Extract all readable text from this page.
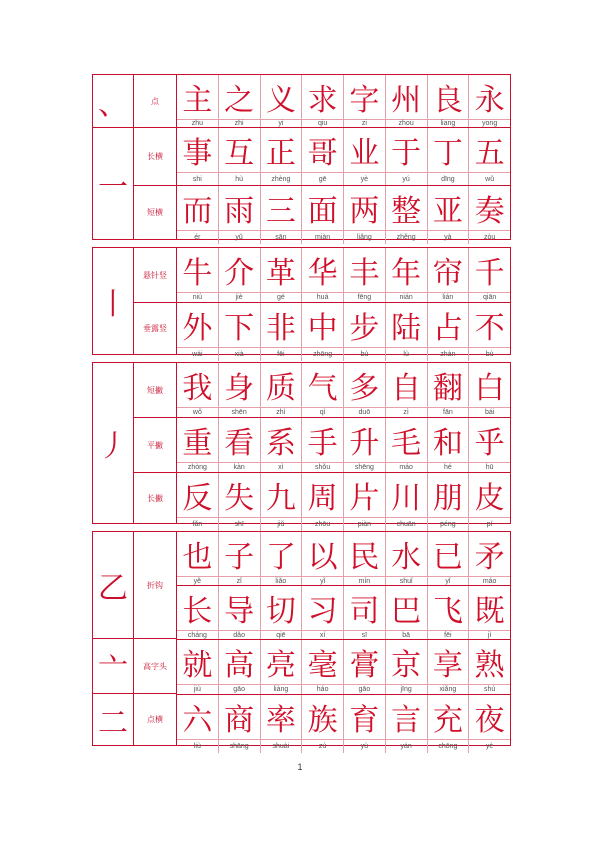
、
一
点
长横
短横
主
zhu
之
zhi
义
yi
求
qiu
字
zi
州
zhou
良
liang
永
yong
事
shi
互
hù
正
zhèng
哥
gē
业
yè
于
yú
丁
dīng
五
wǔ
而
ér
雨
yǔ
三
sān
面
miàn
两
liǎng
整
zhěng
亚
yà
奏
zòu
丨
悬针竖
垂露竖
牛
niú
介
jiè
革
gé
华
huá
丰
fēng
年
nián
帘
lián
千
qiān
外
wài
下
xià
非
fēi
中
zhōng
步
bù
陆
lù
占
zhàn
不
bù
丿
短撇
平撇
长撇
我
wǒ
身
shēn
质
zhì
气
qì
多
duō
自
zì
翻
fān
白
bái
重
zhòng
看
kàn
系
xì
手
shǒu
升
shēng
毛
máo
和
hé
乎
hū
反
fǎn
失
shī
九
jiǔ
周
zhōu
片
piàn
川
chuān
朋
péng
皮
pí
乙
亠
二
折钩
高字头
点横
也
yě
子
zǐ
了
liǎo
以
yǐ
民
mín
水
shuǐ
已
yǐ
矛
máo
长
cháng
导
dǎo
切
qiē
习
xí
司
sī
巴
bā
飞
fēi
既
jì
就
jiù
高
gāo
亮
liàng
毫
háo
膏
gāo
京
jīng
享
xiǎng
熟
shú
六
liù
商
shāng
率
shuài
族
zú
育
yù
言
yán
充
chōng
夜
yè
1
